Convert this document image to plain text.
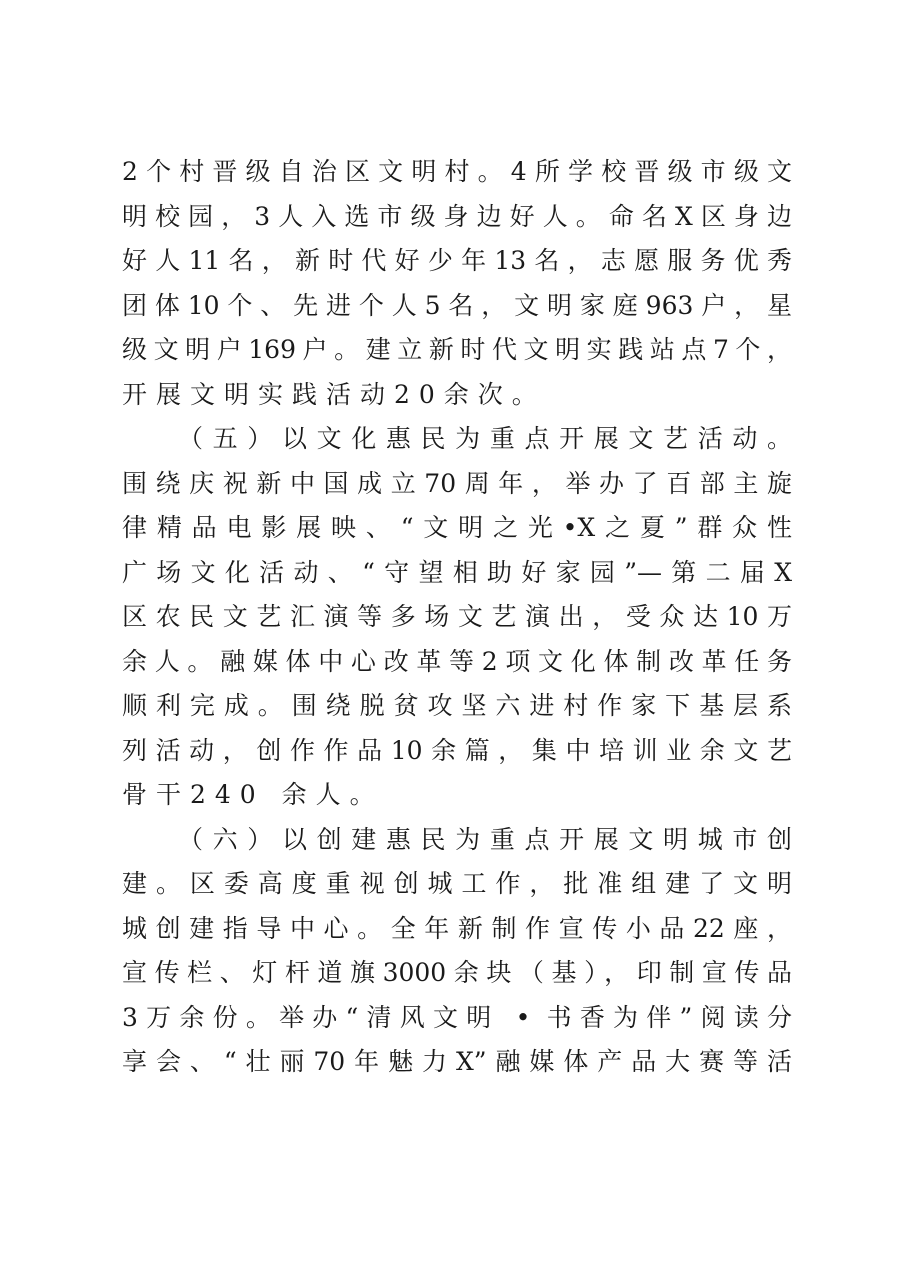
2个村晋级自治区文明村。4所学校晋级市级文
明校园，3人入选市级身边好人。命名X区身边
好人11名，新时代好少年13名，志愿服务优秀
团体10个、先进个人5名，文明家庭963户，星
级文明户169户。建立新时代文明实践站点7个，
开展文明实践活动20余次。
（五）以文化惠民为重点开展文艺活动。
围绕庆祝新中国成立70周年，举办了百部主旋
律精品电影展映、“文明之光•X之夏”群众性
广场文化活动、“守望相助好家园”—第二届X
区农民文艺汇演等多场文艺演出，受众达10万
余人。融媒体中心改革等2项文化体制改革任务
顺利完成。围绕脱贫攻坚六进村作家下基层系
列活动，创作作品10余篇，集中培训业余文艺
骨干240 余人。
（六）以创建惠民为重点开展文明城市创
建。区委高度重视创城工作，批准组建了文明
城创建指导中心。全年新制作宣传小品22座，
宣传栏、灯杆道旗3000余块（基），印制宣传品
3万余份。举办“清风文明 • 书香为伴”阅读分
享会、“壮丽70年魅力X”融媒体产品大赛等活
